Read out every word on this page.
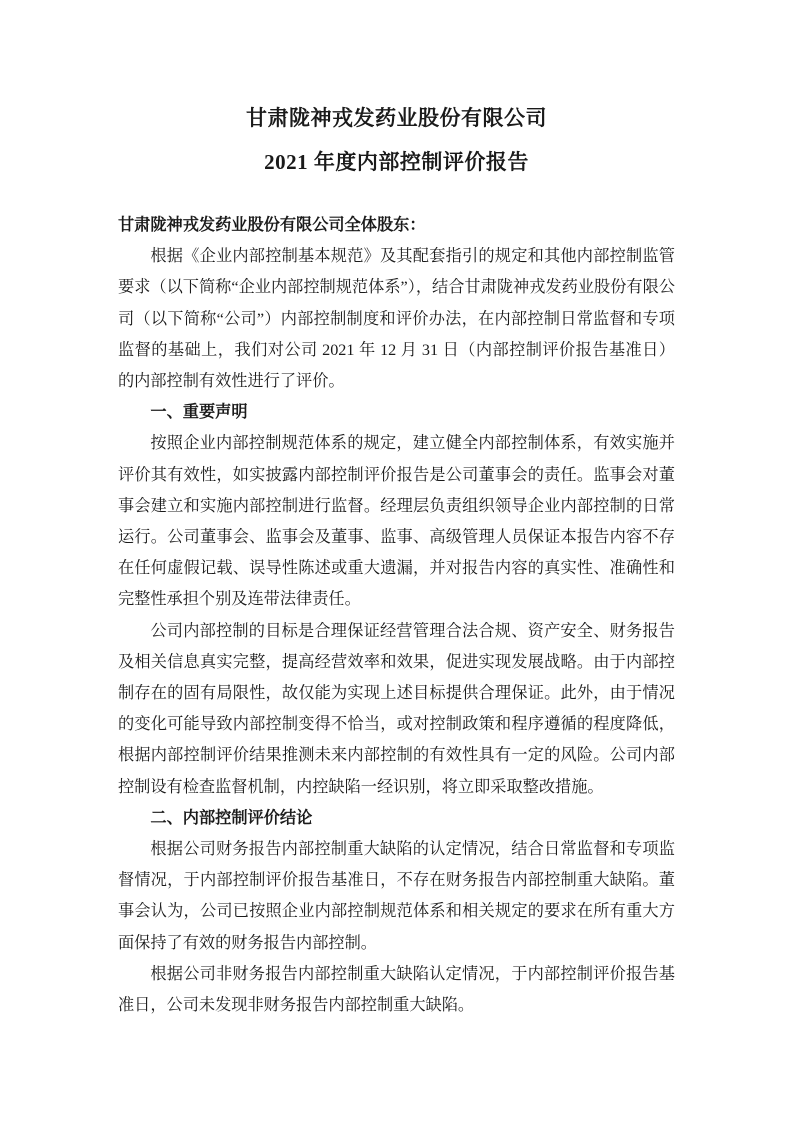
甘肃陇神戎发药业股份有限公司
2021 年度内部控制评价报告

甘肃陇神戎发药业股份有限公司全体股东：

根据《企业内部控制基本规范》及其配套指引的规定和其他内部控制监管要求（以下简称“企业内部控制规范体系”），结合甘肃陇神戎发药业股份有限公司（以下简称“公司”）内部控制制度和评价办法，在内部控制日常监督和专项监督的基础上，我们对公司 2021 年 12 月 31 日（内部控制评价报告基准日）的内部控制有效性进行了评价。
一、重要声明
按照企业内部控制规范体系的规定，建立健全内部控制体系，有效实施并评价其有效性，如实披露内部控制评价报告是公司董事会的责任。监事会对董事会建立和实施内部控制进行监督。经理层负责组织领导企业内部控制的日常运行。公司董事会、监事会及董事、监事、高级管理人员保证本报告内容不存在任何虚假记载、误导性陈述或重大遗漏，并对报告内容的真实性、准确性和完整性承担个别及连带法律责任。
公司内部控制的目标是合理保证经营管理合法合规、资产安全、财务报告及相关信息真实完整，提高经营效率和效果，促进实现发展战略。由于内部控制存在的固有局限性，故仅能为实现上述目标提供合理保证。此外，由于情况的变化可能导致内部控制变得不恰当，或对控制政策和程序遵循的程度降低，根据内部控制评价结果推测未来内部控制的有效性具有一定的风险。公司内部控制设有检查监督机制，内控缺陷一经识别，将立即采取整改措施。
二、内部控制评价结论
根据公司财务报告内部控制重大缺陷的认定情况，结合日常监督和专项监督情况，于内部控制评价报告基准日，不存在财务报告内部控制重大缺陷。董事会认为，公司已按照企业内部控制规范体系和相关规定的要求在所有重大方面保持了有效的财务报告内部控制。
根据公司非财务报告内部控制重大缺陷认定情况，于内部控制评价报告基准日，公司未发现非财务报告内部控制重大缺陷。
